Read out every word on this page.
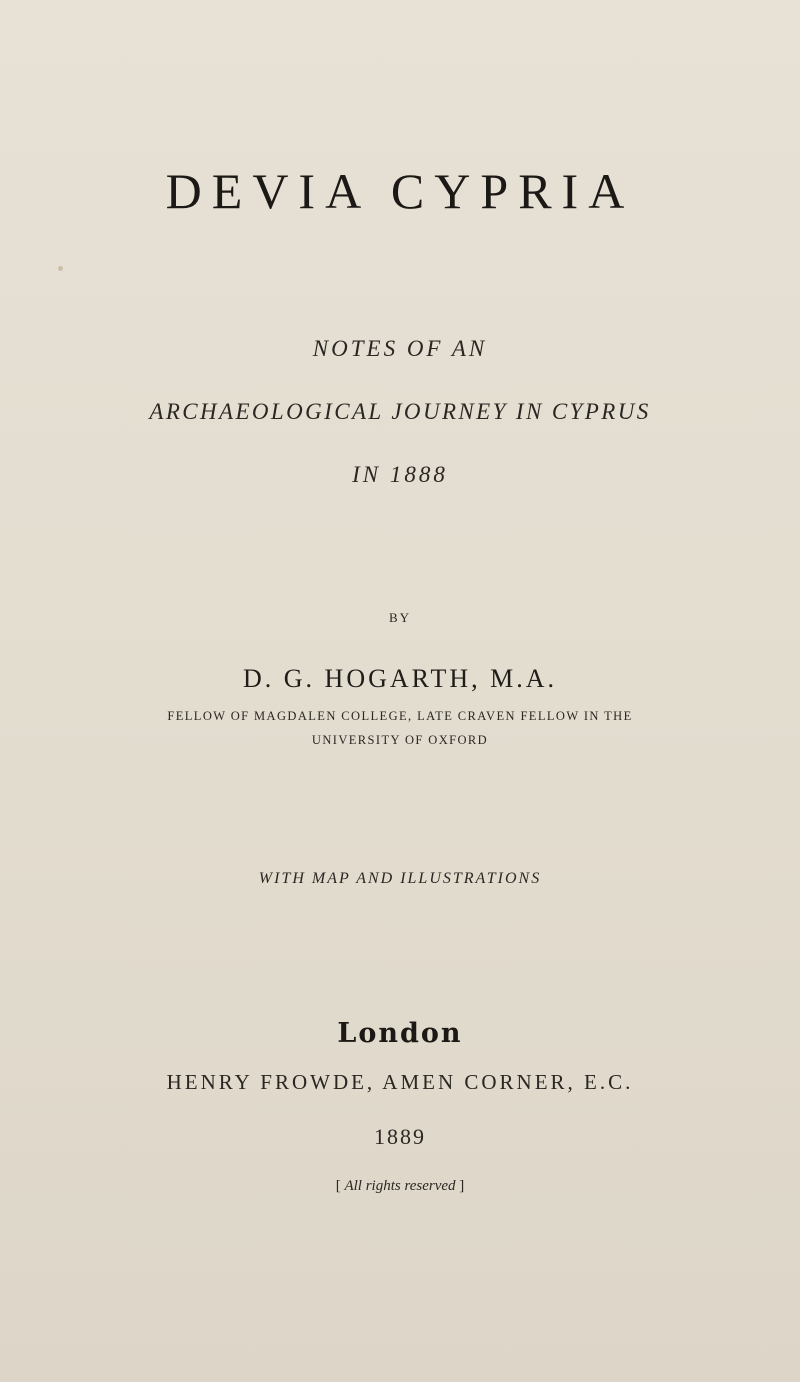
DEVIA CYPRIA
NOTES OF AN
ARCHAEOLOGICAL JOURNEY IN CYPRUS
IN 1888
BY
D. G. HOGARTH, M.A.
FELLOW OF MAGDALEN COLLEGE, LATE CRAVEN FELLOW IN THE
UNIVERSITY OF OXFORD
WITH MAP AND ILLUSTRATIONS
London
HENRY FROWDE, AMEN CORNER, E.C.
1889
[ All rights reserved ]
